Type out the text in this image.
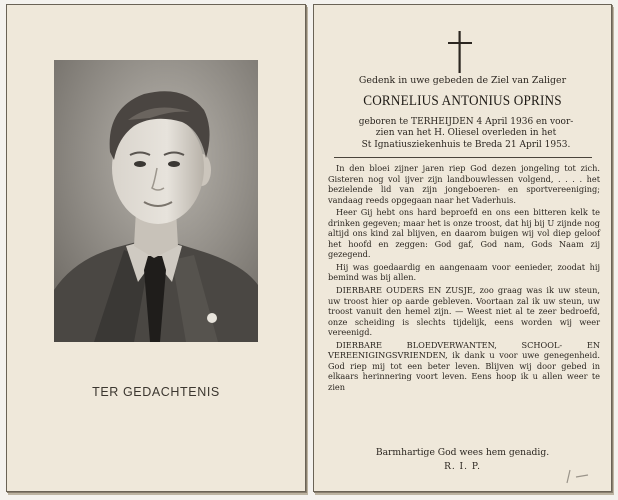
TER GEDACHTENIS
Gedenk in uwe gebeden de Ziel van Zaliger
CORNELIUS ANTONIUS OPRINS
geboren te TERHEIJDEN 4 April 1936 en voor-
zien van het H. Oliesel overleden in het
St Ignatiusziekenhuis te Breda 21 April 1953.

In den bloei zijner jaren riep God dezen jongeling tot zich. Gisteren nog vol ijver zijn landbouwlessen volgend, . . . . het bezielende lid van zijn jongeboeren- en sportvereeniging; vandaag reeds opgegaan naar het Vaderhuis.

Heer Gij hebt ons hard beproefd en ons een bitteren kelk te drinken gegeven; maar het is onze troost, dat hij bij U zijnde nog altijd ons kind zal blijven, en daarom buigen wij vol diep geloof het hoofd en zeggen: God gaf, God nam, Gods Naam zij gezegend.

Hij was goedaardig en aangenaam voor eenieder, zoodat hij bemind was bij allen.

DIERBARE OUDERS EN ZUSJE, zoo graag was ik uw steun, uw troost hier op aarde gebleven. Voortaan zal ik uw steun, uw troost vanuit den hemel zijn. — Weest niet al te zeer bedroefd, onze scheiding is slechts tijdelijk, eens worden wij weer vereenigd.

DIERBARE BLOEDVERWANTEN, SCHOOL- EN VEREENIGINGSVRIENDEN, ik dank u voor uwe genegenheid. God riep mij tot een beter leven. Blijven wij door gebed in elkaars herinnering voort leven. Eens hoop ik u allen weer te zien

Barmhartige God wees hem genadig.
R. I. P.
